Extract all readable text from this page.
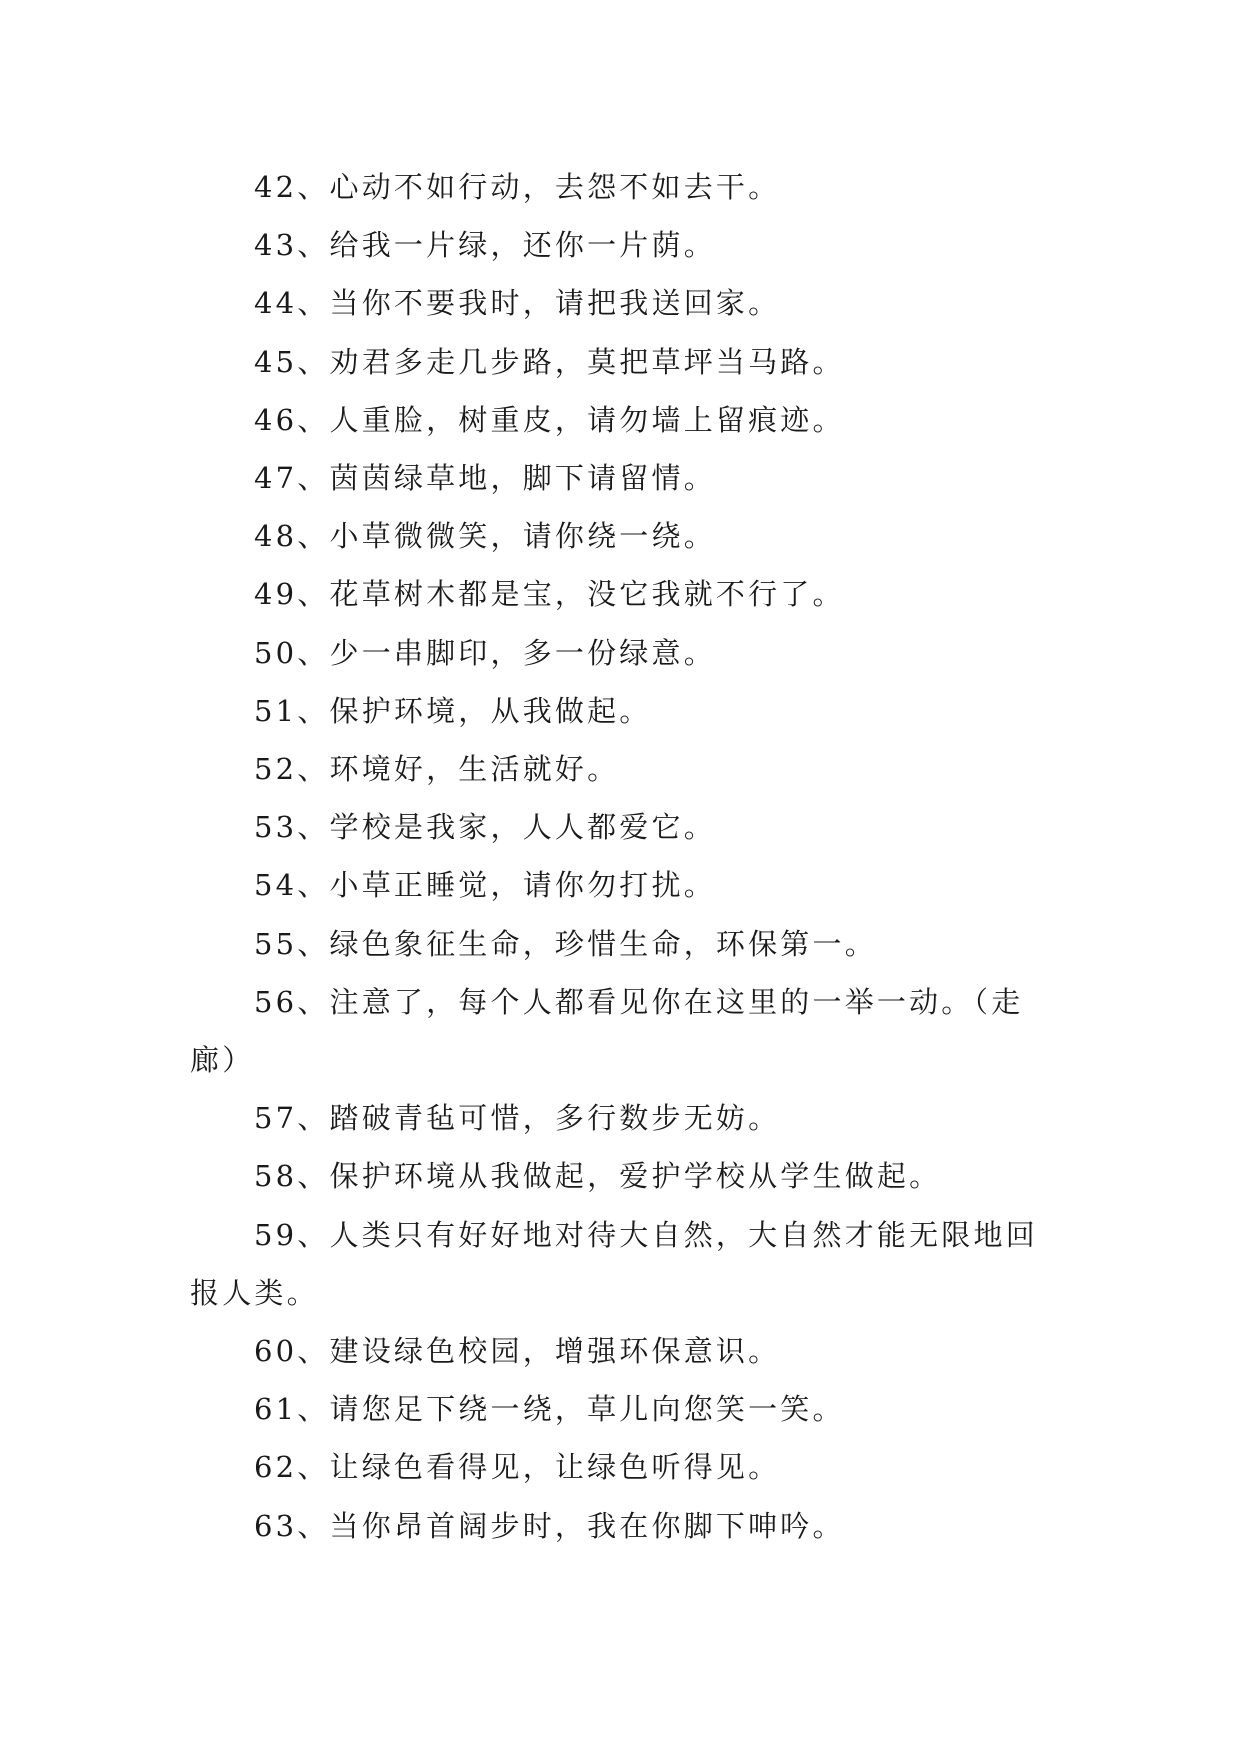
42、心动不如行动，去怨不如去干。

43、给我一片绿，还你一片荫。

44、当你不要我时，请把我送回家。

45、劝君多走几步路，莫把草坪当马路。

46、人重脸，树重皮，请勿墙上留痕迹。

47、茵茵绿草地，脚下请留情。

48、小草微微笑，请你绕一绕。

49、花草树木都是宝，没它我就不行了。

50、少一串脚印，多一份绿意。

51、保护环境，从我做起。

52、环境好，生活就好。

53、学校是我家，人人都爱它。

54、小草正睡觉，请你勿打扰。

55、绿色象征生命，珍惜生命，环保第一。

56、注意了，每个人都看见你在这里的一举一动。（走廊）

57、踏破青毡可惜，多行数步无妨。

58、保护环境从我做起，爱护学校从学生做起。

59、人类只有好好地对待大自然，大自然才能无限地回报人类。

60、建设绿色校园，增强环保意识。

61、请您足下绕一绕，草儿向您笑一笑。

62、让绿色看得见，让绿色听得见。

63、当你昂首阔步时，我在你脚下呻吟。
